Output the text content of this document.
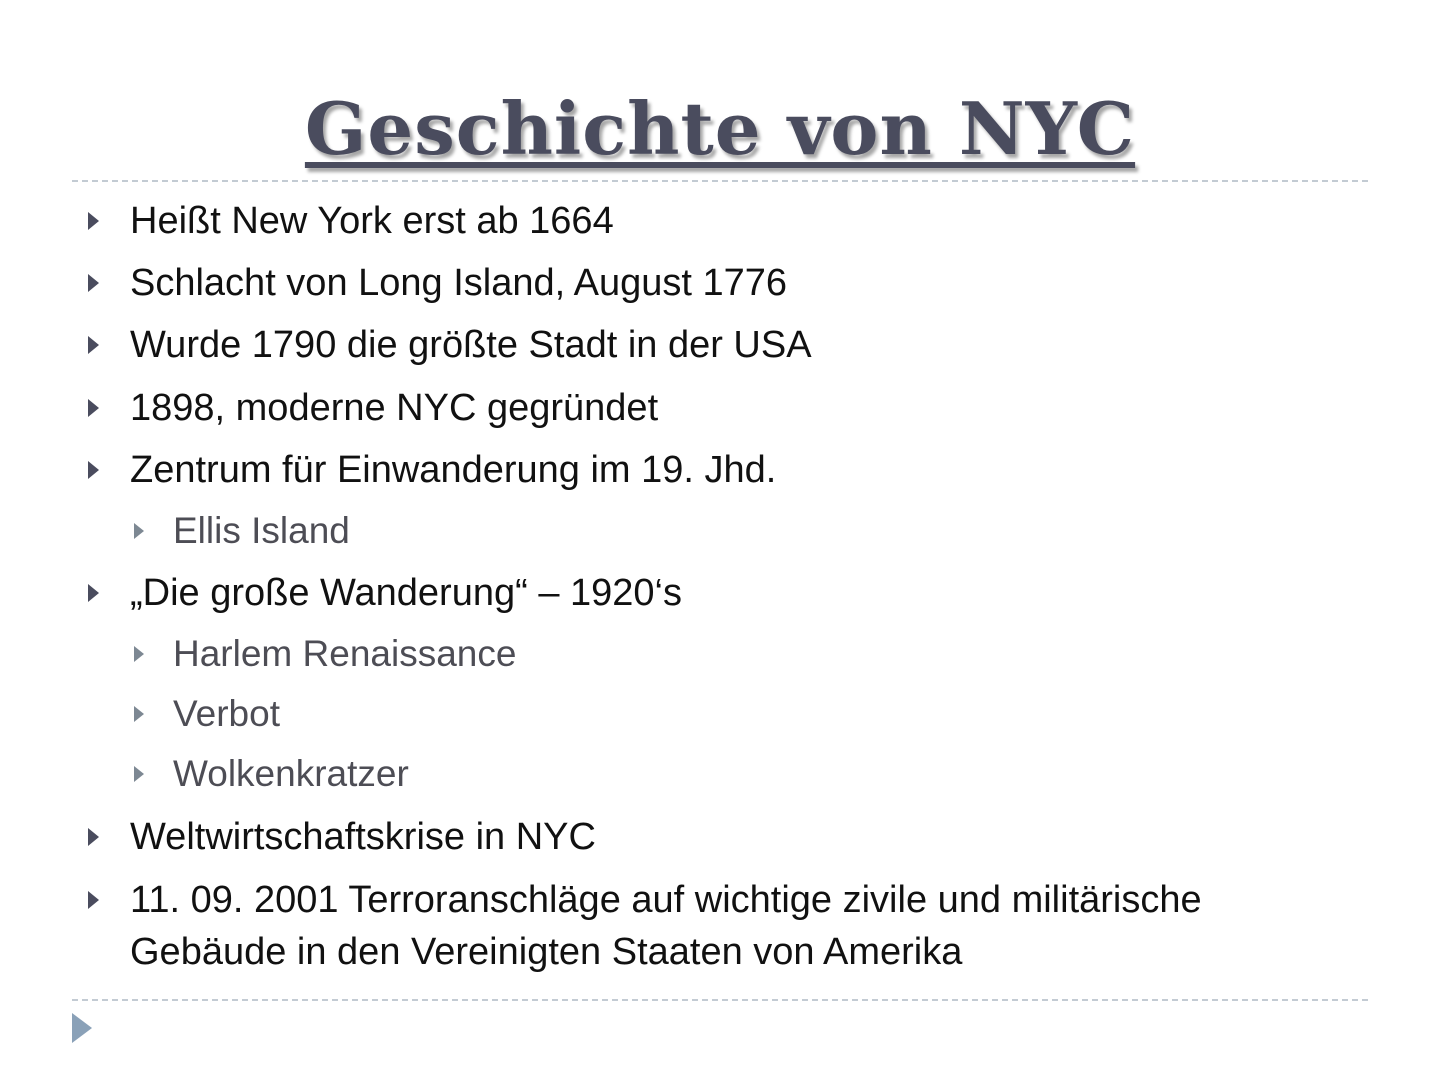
Geschichte von NYC
Heißt New York erst ab 1664
Schlacht von Long Island, August 1776
Wurde 1790 die größte Stadt in der USA
1898, moderne NYC gegründet
Zentrum für Einwanderung im 19. Jhd.
Ellis Island
„Die große Wanderung“ – 1920‘s
Harlem Renaissance
Verbot
Wolkenkratzer
Weltwirtschaftskrise in NYC
11. 09. 2001 Terroranschläge auf wichtige zivile und militärische
Gebäude in den Vereinigten Staaten von Amerika
